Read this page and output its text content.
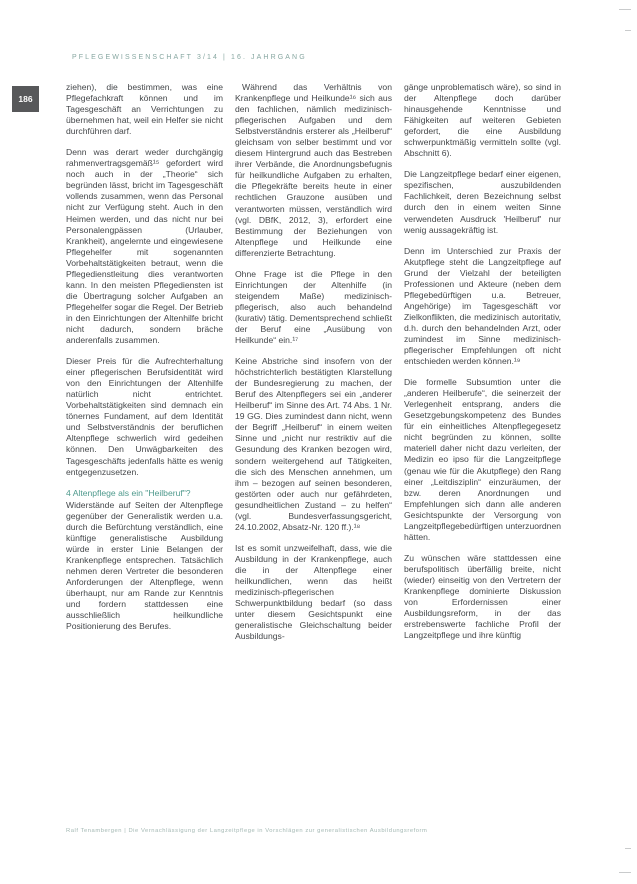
PFLEGEWISSENSCHAFT 3/14 | 16. JAHRGANG
186

ziehen), die bestimmen, was eine Pflegefachkraft können und im Tagesgeschäft an Verrichtungen zu übernehmen hat, weil ein Helfer sie nicht durchführen darf.

Denn was derart weder durchgängig rahmenvertragsgemäß¹⁵ gefordert wird noch auch in der „Theorie“ sich begründen lässt, bricht im Tagesgeschäft vollends zusammen, wenn das Personal nicht zur Verfügung steht. Auch in den Heimen werden, und das nicht nur bei Personalengpässen (Urlauber, Krankheit), angelernte und eingewiesene Pflegehelfer mit sogenannten Vorbehaltstätigkeiten betraut, wenn die Pflegedienstleitung dies verantworten kann. In den meisten Pflegediensten ist die Übertragung solcher Aufgaben an Pflegehelfer sogar die Regel. Der Betrieb in den Einrichtungen der Altenhilfe bricht nicht dadurch, sondern bräche anderenfalls zusammen.

Dieser Preis für die Aufrechterhaltung einer pflegerischen Berufsidentität wird von den Einrichtungen der Altenhilfe natürlich nicht entrichtet. Vorbehaltstätigkeiten sind demnach ein tönernes Fundament, auf dem Identität und Selbstverständnis der beruflichen Altenpflege schwerlich wird gedeihen können. Den Unwägbarkeiten des Tagesgeschäfts jedenfalls hätte es wenig entgegenzusetzen.

4 Altenpflege als ein "Heilberuf"?

Widerstände auf Seiten der Altenpflege gegenüber der Generalistik werden u.a. durch die Befürchtung verständlich, eine künftige generalistische Ausbildung würde in erster Linie Belangen der Krankenpflege entsprechen. Tatsächlich nehmen deren Vertreter die besonderen Anforderungen der Altenpflege, wenn überhaupt, nur am Rande zur Kenntnis und fordern stattdessen eine ausschließlich heilkundliche Positionierung des Berufes.

Während das Verhältnis von Krankenpflege und Heilkunde¹⁶ sich aus den fachlichen, nämlich medizinisch-pflegerischen Aufgaben und dem Selbstverständnis ersterer als „Heilberuf“ gleichsam von selber bestimmt und vor diesem Hintergrund auch das Bestreben ihrer Verbände, die Anordnungsbefugnis für heilkundliche Aufgaben zu erhalten, die Pflegekräfte bereits heute in einer rechtlichen Grauzone ausüben und verantworten müssen, verständlich wird (vgl. DBfK, 2012, 3), erfordert eine Bestimmung der Beziehungen von Altenpflege und Heilkunde eine differenzierte Betrachtung.

Ohne Frage ist die Pflege in den Einrichtungen der Altenhilfe (in steigendem Maße) medizinisch-pflegerisch, also auch behandelnd (kurativ) tätig. Dementsprechend schließt der Beruf eine „Ausübung von Heilkunde“ ein.¹⁷

Keine Abstriche sind insofern von der höchstrichterlich bestätigten Klarstellung der Bundesregierung zu machen, der Beruf des Altenpflegers sei ein „anderer Heilberuf“ im Sinne des Art. 74 Abs. 1 Nr. 19 GG. Dies zumindest dann nicht, wenn der Begriff „Heilberuf“ in einem weiten Sinne und „nicht nur restriktiv auf die Gesundung des Kranken bezogen wird, sondern weitergehend auf Tätigkeiten, die sich des Menschen annehmen, um ihm – bezogen auf seinen besonderen, gestörten oder auch nur gefährdeten, gesundheitlichen Zustand – zu helfen“ (vgl. Bundesverfassungsgericht, 24.10.2002, Absatz-Nr. 120 ff.).¹⁸

Ist es somit unzweifelhaft, dass, wie die Ausbildung in der Krankenpflege, auch die in der Altenpflege einer heilkundlichen, wenn das heißt medizinisch-pflegerischen Schwerpunktbildung bedarf (so dass unter diesem Gesichtspunkt eine generalistische Gleichschaltung beider Ausbildungs-

gänge unproblematisch wäre), so sind in der Altenpflege doch darüber hinausgehende Kenntnisse und Fähigkeiten auf weiteren Gebieten gefordert, die eine Ausbildung schwerpunktmäßig vermitteln sollte (vgl. Abschnitt 6).

Die Langzeitpflege bedarf einer eigenen, spezifischen, auszubildenden Fachlichkeit, deren Bezeichnung selbst durch den in einem weiten Sinne verwendeten Ausdruck 'Heilberuf' nur wenig aussagekräftig ist.

Denn im Unterschied zur Praxis der Akutpflege steht die Langzeitpflege auf Grund der Vielzahl der beteiligten Professionen und Akteure (neben dem Pflegebedürftigen u.a. Betreuer, Angehörige) im Tagesgeschäft vor Zielkonflikten, die medizinisch autoritativ, d.h. durch den behandelnden Arzt, oder zumindest im Sinne medizinisch-pflegerischer Empfehlungen oft nicht entschieden werden können.¹⁹

Die formelle Subsumtion unter die „anderen Heilberufe“, die seinerzeit der Verlegenheit entsprang, anders die Gesetzgebungskompetenz des Bundes für ein einheitliches Altenpflegegesetz nicht begründen zu können, sollte materiell daher nicht dazu verleiten, der Medizin eo ipso für die Langzeitpflege (genau wie für die Akutpflege) den Rang einer „Leitdisziplin“ einzuräumen, der bzw. deren Anordnungen und Empfehlungen sich dann alle anderen Gesichtspunkte der Versorgung von Langzeitpflegebedürftigen unterzuordnen hätten.

Zu wünschen wäre stattdessen eine berufspolitisch überfällig breite, nicht (wieder) einseitig von den Vertretern der Krankenpflege dominierte Diskussion von Erfordernissen einer Ausbildungsreform, in der das erstrebenswerte fachliche Profil der Langzeitpflege und ihre künftig

Ralf Tenambergen | Die Vernachlässigung der Langzeitpflege in Vorschlägen zur generalistischen Ausbildungsreform
